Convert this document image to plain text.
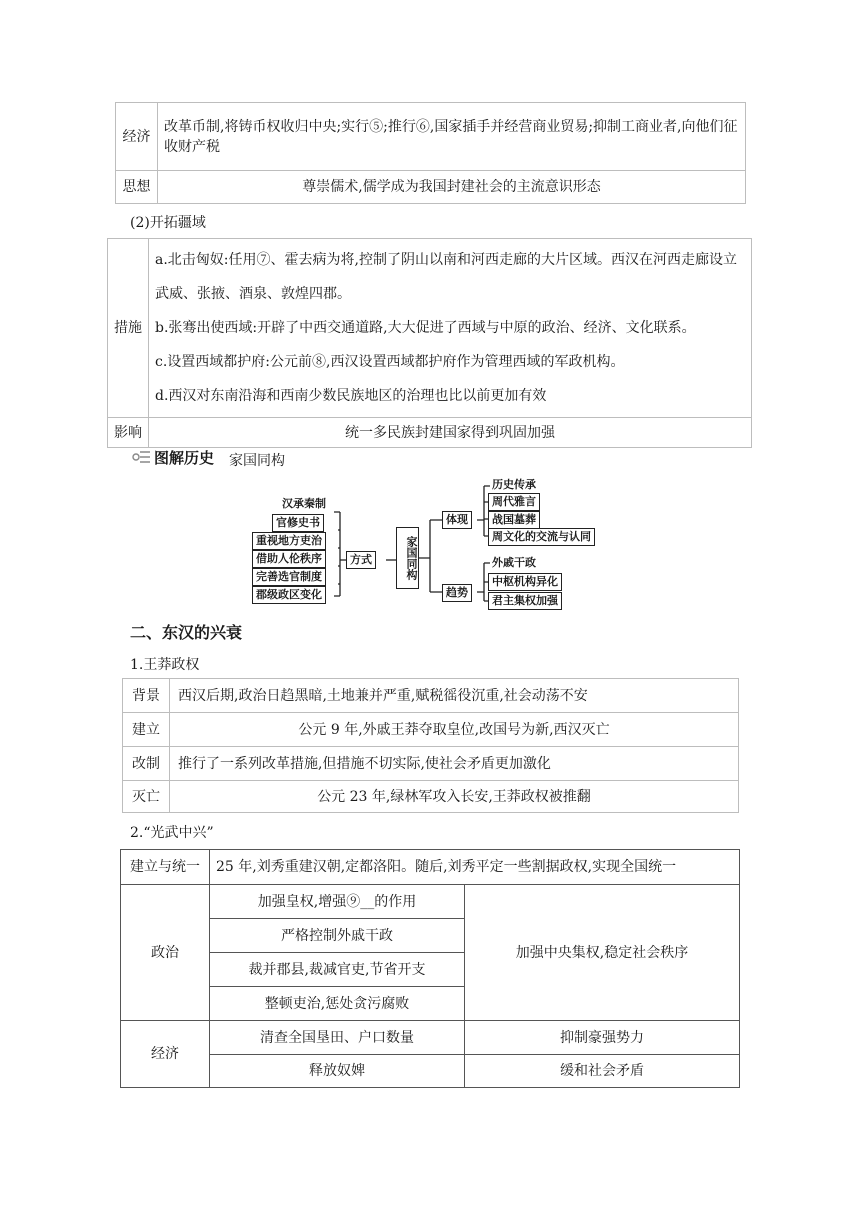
经济	改革币制,将铸币权收归中央;实行⑤;推行⑥,国家插手并经营商业贸易;抑制工商业者,向他们征收财产税
思想	尊崇儒术,儒学成为我国封建社会的主流意识形态
(2)开拓疆域
措施	a.北击匈奴:任用⑦、霍去病为将,控制了阴山以南和河西走廊的大片区域。西汉在河西走廊设立武威、张掖、酒泉、敦煌四郡。
b.张骞出使西域:开辟了中西交通道路,大大促进了西域与中原的政治、经济、文化联系。
c.设置西域都护府:公元前⑧,西汉设置西域都护府作为管理西域的军政机构。
d.西汉对东南沿海和西南少数民族地区的治理也比以前更加有效

影响	统一多民族封建国家得到巩固加强
图解历史 家国同构
汉承秦制
官修史书
重视地方吏治
借助人伦秩序
完善选官制度
郡级政区变化
方式	家国同构
体现
历史传承
周代雅言
战国墓葬
周文化的交流与认同
趋势
外戚干政
中枢机构异化
君主集权加强
二、东汉的兴衰
1.王莽政权
背景	西汉后期,政治日趋黑暗,土地兼并严重,赋税徭役沉重,社会动荡不安
建立	公元 9 年,外戚王莽夺取皇位,改国号为新,西汉灭亡
改制	推行了一系列改革措施,但措施不切实际,使社会矛盾更加激化
灭亡	公元 23 年,绿林军攻入长安,王莽政权被推翻
2.“光武中兴”
建立与统一	25 年,刘秀重建汉朝,定都洛阳。随后,刘秀平定一些割据政权,实现全国统一	
政治	加强皇权,增强⑨__的作用	加强中央集权,稳定社会秩序
	严格控制外戚干政	
	裁并郡县,裁减官吏,节省开支	
	整顿吏治,惩处贪污腐败	
经济	清查全国垦田、户口数量	抑制豪强势力
	释放奴婢	缓和社会矛盾
